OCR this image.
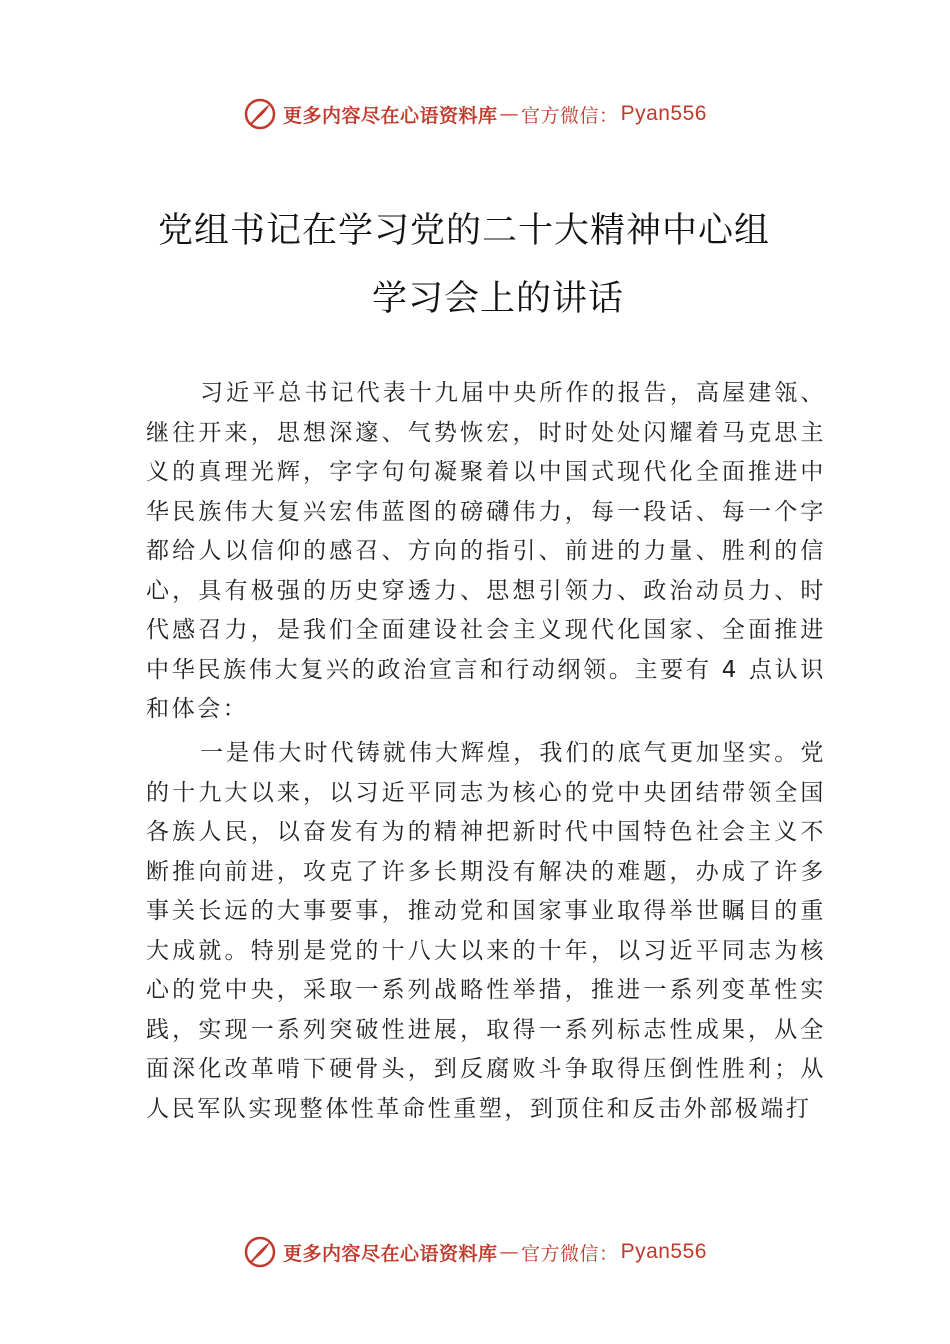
更多内容尽在心语资料库 — 官方微信： Pyan556
党组书记在学习党的二十大精神中心组
学习会上的讲话

习近平总书记代表十九届中央所作的报告，高屋建瓴、继往开来，思想深邃、气势恢宏，时时处处闪耀着马克思主义的真理光辉，字字句句凝聚着以中国式现代化全面推进中华民族伟大复兴宏伟蓝图的磅礴伟力，每一段话、每一个字都给人以信仰的感召、方向的指引、前进的力量、胜利的信心，具有极强的历史穿透力、思想引领力、政治动员力、时代感召力，是我们全面建设社会主义现代化国家、全面推进中华民族伟大复兴的政治宣言和行动纲领。主要有 4 点认识和体会：

一是伟大时代铸就伟大辉煌，我们的底气更加坚实。党的十九大以来，以习近平同志为核心的党中央团结带领全国各族人民，以奋发有为的精神把新时代中国特色社会主义不断推向前进，攻克了许多长期没有解决的难题，办成了许多事关长远的大事要事，推动党和国家事业取得举世瞩目的重大成就。特别是党的十八大以来的十年，以习近平同志为核心的党中央，采取一系列战略性举措，推进一系列变革性实践，实现一系列突破性进展，取得一系列标志性成果，从全面深化改革啃下硬骨头，到反腐败斗争取得压倒性胜利；从人民军队实现整体性革命性重塑，到顶住和反击外部极端打

更多内容尽在心语资料库 — 官方微信： Pyan556
